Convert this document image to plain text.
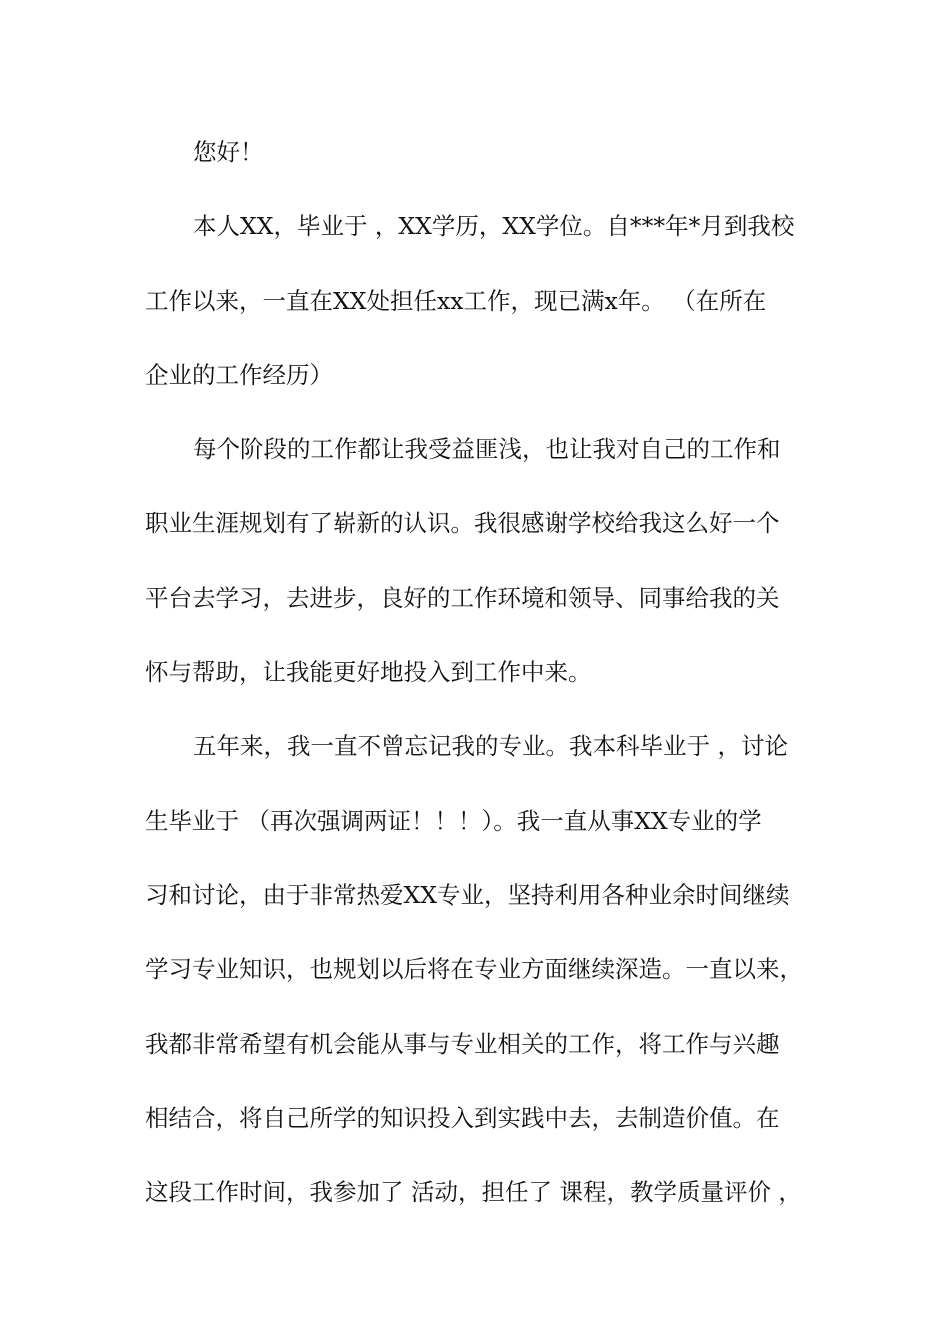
您好！
本人XX，毕业于 ，XX学历，XX学位。自***年*月到我校
工作以来，一直在XX处担任xx工作，现已满x年。 （在所在
企业的工作经历）
每个阶段的工作都让我受益匪浅，也让我对自己的工作和
职业生涯规划有了崭新的认识。我很感谢学校给我这么好一个
平台去学习，去进步，良好的工作环境和领导、同事给我的关
怀与帮助，让我能更好地投入到工作中来。
五年来，我一直不曾忘记我的专业。我本科毕业于 ，讨论
生毕业于 （再次强调两证！！！）。我一直从事XX专业的学
习和讨论，由于非常热爱XX专业，坚持利用各种业余时间继续
学习专业知识，也规划以后将在专业方面继续深造。一直以来，
我都非常希望有机会能从事与专业相关的工作，将工作与兴趣
相结合，将自己所学的知识投入到实践中去，去制造价值。在
这段工作时间，我参加了 活动，担任了 课程，教学质量评价 ，
